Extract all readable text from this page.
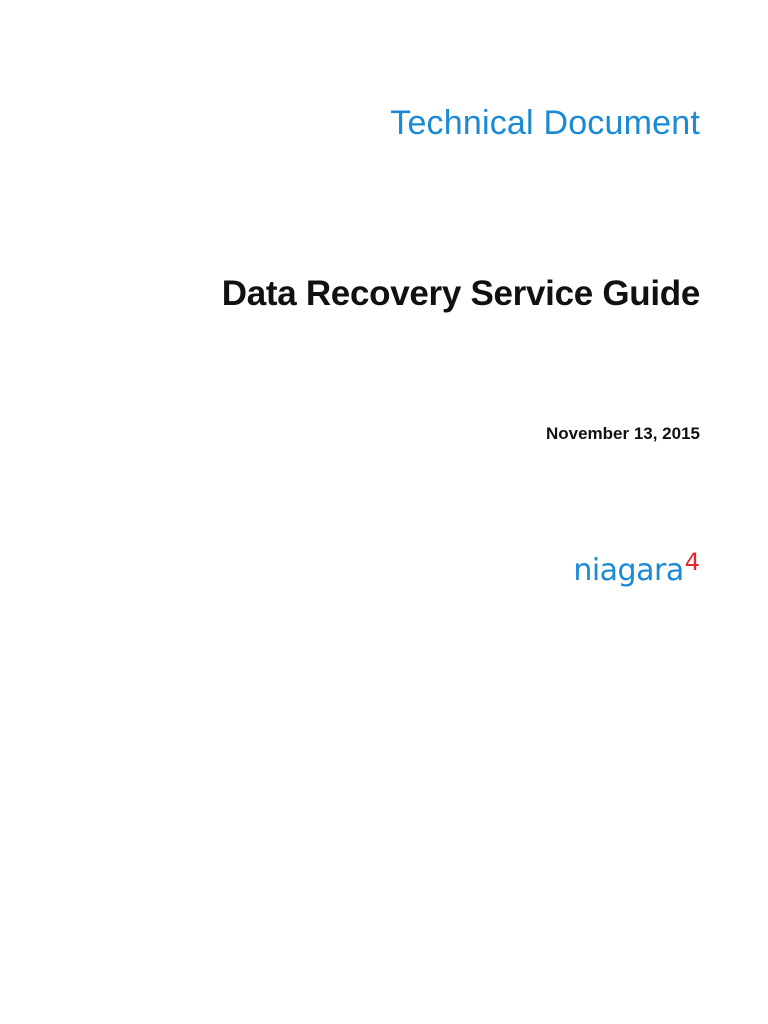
Technical Document
Data Recovery Service Guide
November 13, 2015
niagara4
